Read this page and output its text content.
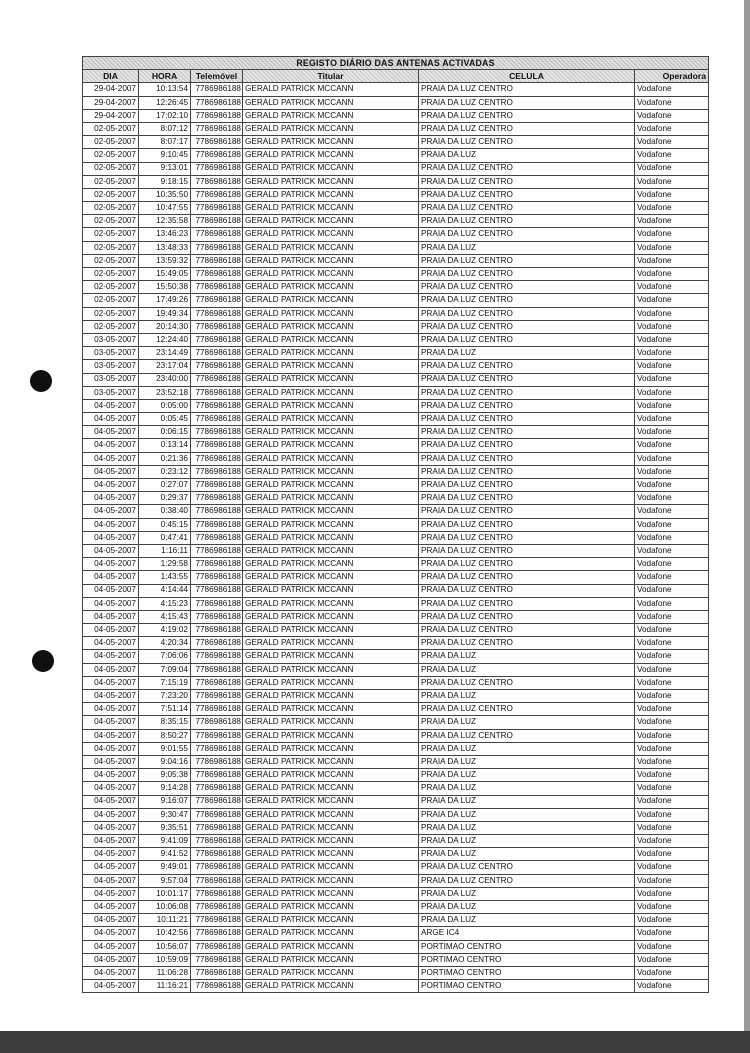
REGISTO DIÁRIO DAS ANTENAS ACTIVADAS					
DIA	HORA	Telemóvel	Titular	CELULA	Operadora
29-04-2007	10:13:54	7786986188	GERALD PATRICK MCCANN	PRAIA DA LUZ CENTRO	Vodafone
29-04-2007	12:26:45	7786986188	GERALD PATRICK MCCANN	PRAIA DA LUZ CENTRO	Vodafone
29-04-2007	17:02:10	7786986188	GERALD PATRICK MCCANN	PRAIA DA LUZ CENTRO	Vodafone
02-05-2007	8:07:12	7786986188	GERALD PATRICK MCCANN	PRAIA DA LUZ CENTRO	Vodafone
02-05-2007	8:07:17	7786986188	GERALD PATRICK MCCANN	PRAIA DA LUZ CENTRO	Vodafone
02-05-2007	9:10:45	7786986188	GERALD PATRICK MCCANN	PRAIA DA LUZ	Vodafone
02-05-2007	9:13:01	7786986188	GERALD PATRICK MCCANN	PRAIA DA LUZ CENTRO	Vodafone
02-05-2007	9:18:15	7786986188	GERALD PATRICK MCCANN	PRAIA DA LUZ CENTRO	Vodafone
02-05-2007	10:35:50	7786986188	GERALD PATRICK MCCANN	PRAIA DA LUZ CENTRO	Vodafone
02-05-2007	10:47:55	7786986188	GERALD PATRICK MCCANN	PRAIA DA LUZ CENTRO	Vodafone
02-05-2007	12:35:58	7786986188	GERALD PATRICK MCCANN	PRAIA DA LUZ CENTRO	Vodafone
02-05-2007	13:46:23	7786986188	GERALD PATRICK MCCANN	PRAIA DA LUZ CENTRO	Vodafone
02-05-2007	13:48:33	7786986188	GERALD PATRICK MCCANN	PRAIA DA LUZ	Vodafone
02-05-2007	13:59:32	7786986188	GERALD PATRICK MCCANN	PRAIA DA LUZ CENTRO	Vodafone
02-05-2007	15:49:05	7786986188	GERALD PATRICK MCCANN	PRAIA DA LUZ CENTRO	Vodafone
02-05-2007	15:50:38	7786986188	GERALD PATRICK MCCANN	PRAIA DA LUZ CENTRO	Vodafone
02-05-2007	17:49:26	7786986188	GERALD PATRICK MCCANN	PRAIA DA LUZ CENTRO	Vodafone
02-05-2007	19:49:34	7786986188	GERALD PATRICK MCCANN	PRAIA DA LUZ CENTRO	Vodafone
02-05-2007	20:14:30	7786986188	GERALD PATRICK MCCANN	PRAIA DA LUZ CENTRO	Vodafone
03-05-2007	12:24:40	7786986188	GERALD PATRICK MCCANN	PRAIA DA LUZ CENTRO	Vodafone
03-05-2007	23:14:49	7786986188	GERALD PATRICK MCCANN	PRAIA DA LUZ	Vodafone
03-05-2007	23:17:04	7786986188	GERALD PATRICK MCCANN	PRAIA DA LUZ CENTRO	Vodafone
03-05-2007	23:40:00	7786986188	GERALD PATRICK MCCANN	PRAIA DA LUZ CENTRO	Vodafone
03-05-2007	23:52:18	7786986188	GERALD PATRICK MCCANN	PRAIA DA LUZ CENTRO	Vodafone
04-05-2007	0:05:00	7786986188	GERALD PATRICK MCCANN	PRAIA DA LUZ CENTRO	Vodafone
04-05-2007	0:05:45	7786986188	GERALD PATRICK MCCANN	PRAIA DA LUZ CENTRO	Vodafone
04-05-2007	0:06:15	7786986188	GERALD PATRICK MCCANN	PRAIA DA LUZ CENTRO	Vodafone
04-05-2007	0:13:14	7786986188	GERALD PATRICK MCCANN	PRAIA DA LUZ CENTRO	Vodafone
04-05-2007	0:21:36	7786986188	GERALD PATRICK MCCANN	PRAIA DA LUZ CENTRO	Vodafone
04-05-2007	0:23:12	7786986188	GERALD PATRICK MCCANN	PRAIA DA LUZ CENTRO	Vodafone
04-05-2007	0:27:07	7786986188	GERALD PATRICK MCCANN	PRAIA DA LUZ CENTRO	Vodafone
04-05-2007	0:29:37	7786986188	GERALD PATRICK MCCANN	PRAIA DA LUZ CENTRO	Vodafone
04-05-2007	0:38:40	7786986188	GERALD PATRICK MCCANN	PRAIA DA LUZ CENTRO	Vodafone
04-05-2007	0:45:15	7786986188	GERALD PATRICK MCCANN	PRAIA DA LUZ CENTRO	Vodafone
04-05-2007	0:47:41	7786986188	GERALD PATRICK MCCANN	PRAIA DA LUZ CENTRO	Vodafone
04-05-2007	1:16:11	7786986188	GERALD PATRICK MCCANN	PRAIA DA LUZ CENTRO	Vodafone
04-05-2007	1:29:58	7786986188	GERALD PATRICK MCCANN	PRAIA DA LUZ CENTRO	Vodafone
04-05-2007	1:43:55	7786986188	GERALD PATRICK MCCANN	PRAIA DA LUZ CENTRO	Vodafone
04-05-2007	4:14:44	7786986188	GERALD PATRICK MCCANN	PRAIA DA LUZ CENTRO	Vodafone
04-05-2007	4:15:23	7786986188	GERALD PATRICK MCCANN	PRAIA DA LUZ CENTRO	Vodafone
04-05-2007	4:15:43	7786986188	GERALD PATRICK MCCANN	PRAIA DA LUZ CENTRO	Vodafone
04-05-2007	4:19:02	7786986188	GERALD PATRICK MCCANN	PRAIA DA LUZ CENTRO	Vodafone
04-05-2007	4:20:34	7786986188	GERALD PATRICK MCCANN	PRAIA DA LUZ CENTRO	Vodafone
04-05-2007	7:06:06	7786986188	GERALD PATRICK MCCANN	PRAIA DA LUZ	Vodafone
04-05-2007	7:09:04	7786986188	GERALD PATRICK MCCANN	PRAIA DA LUZ	Vodafone
04-05-2007	7:15:19	7786986188	GERALD PATRICK MCCANN	PRAIA DA LUZ CENTRO	Vodafone
04-05-2007	7:23:20	7786986188	GERALD PATRICK MCCANN	PRAIA DA LUZ	Vodafone
04-05-2007	7:51:14	7786986188	GERALD PATRICK MCCANN	PRAIA DA LUZ CENTRO	Vodafone
04-05-2007	8:35:15	7786986188	GERALD PATRICK MCCANN	PRAIA DA LUZ	Vodafone
04-05-2007	8:50:27	7786986188	GERALD PATRICK MCCANN	PRAIA DA LUZ CENTRO	Vodafone
04-05-2007	9:01:55	7786986188	GERALD PATRICK MCCANN	PRAIA DA LUZ	Vodafone
04-05-2007	9:04:16	7786986188	GERALD PATRICK MCCANN	PRAIA DA LUZ	Vodafone
04-05-2007	9:05:38	7786986188	GERALD PATRICK MCCANN	PRAIA DA LUZ	Vodafone
04-05-2007	9:14:28	7786986188	GERALD PATRICK MCCANN	PRAIA DA LUZ	Vodafone
04-05-2007	9:16:07	7786986188	GERALD PATRICK MCCANN	PRAIA DA LUZ	Vodafone
04-05-2007	9:30:47	7786986188	GERALD PATRICK MCCANN	PRAIA DA LUZ	Vodafone
04-05-2007	9:35:51	7786986188	GERALD PATRICK MCCANN	PRAIA DA LUZ	Vodafone
04-05-2007	9:41:09	7786986188	GERALD PATRICK MCCANN	PRAIA DA LUZ	Vodafone
04-05-2007	9:41:52	7786986188	GERALD PATRICK MCCANN	PRAIA DA LUZ	Vodafone
04-05-2007	9:49:01	7786986188	GERALD PATRICK MCCANN	PRAIA DA LUZ CENTRO	Vodafone
04-05-2007	9:57:04	7786986188	GERALD PATRICK MCCANN	PRAIA DA LUZ CENTRO	Vodafone
04-05-2007	10:01:17	7786986188	GERALD PATRICK MCCANN	PRAIA DA LUZ	Vodafone
04-05-2007	10:06:08	7786986188	GERALD PATRICK MCCANN	PRAIA DA LUZ	Vodafone
04-05-2007	10:11:21	7786986188	GERALD PATRICK MCCANN	PRAIA DA LUZ	Vodafone
04-05-2007	10:42:56	7786986188	GERALD PATRICK MCCANN	ARGE IC4	Vodafone
04-05-2007	10:56:07	7786986188	GERALD PATRICK MCCANN	PORTIMAO CENTRO	Vodafone
04-05-2007	10:59:09	7786986188	GERALD PATRICK MCCANN	PORTIMAO CENTRO	Vodafone
04-05-2007	11:06:28	7786986188	GERALD PATRICK MCCANN	PORTIMAO CENTRO	Vodafone
04-05-2007	11:16:21	7786986188	GERALD PATRICK MCCANN	PORTIMAO CENTRO	Vodafone
